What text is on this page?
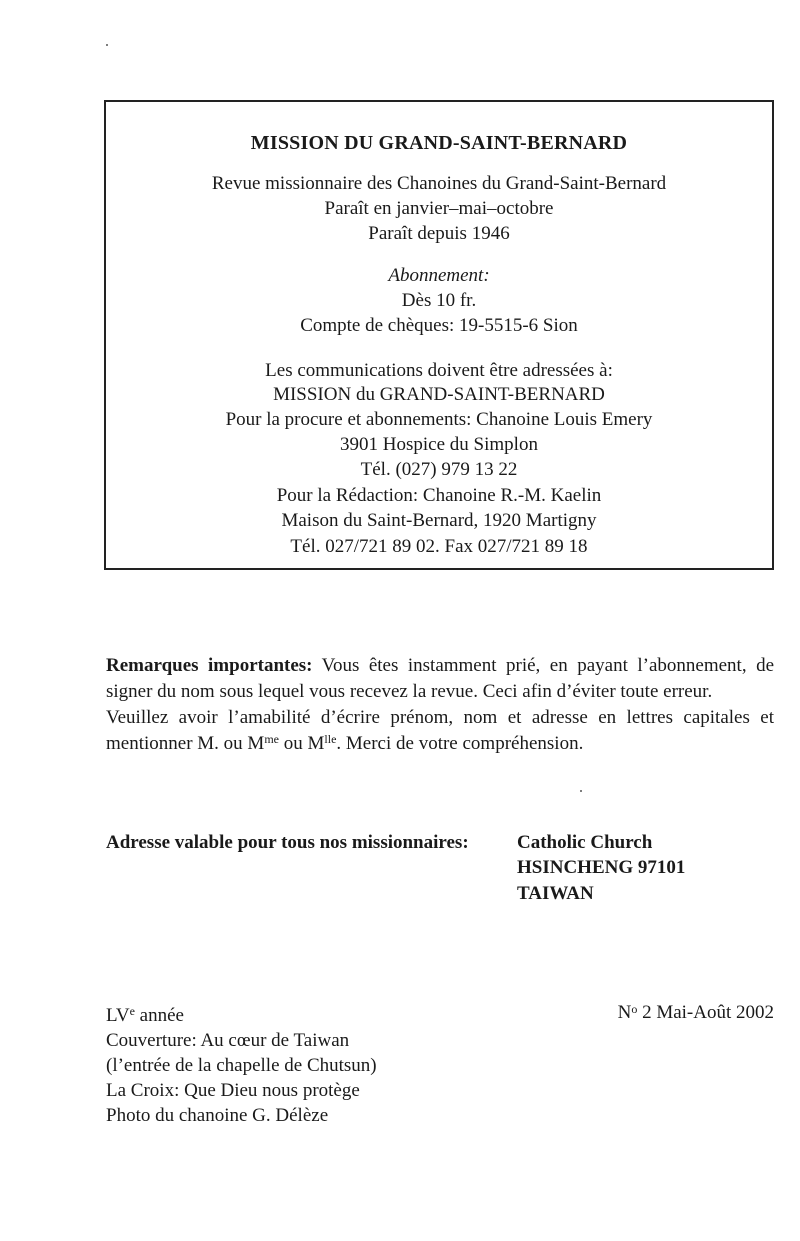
MISSION DU GRAND-SAINT-BERNARD
Revue missionnaire des Chanoines du Grand-Saint-Bernard
Paraît en janvier–mai–octobre
Paraît depuis 1946
Abonnement:
Dès 10 fr.
Compte de chèques: 19-5515-6 Sion
Les communications doivent être adressées à:
MISSION du GRAND-SAINT-BERNARD
Pour la procure et abonnements: Chanoine Louis Emery
3901 Hospice du Simplon
Tél. (027) 979 13 22
Pour la Rédaction: Chanoine R.-M. Kaelin
Maison du Saint-Bernard, 1920 Martigny
Tél. 027/721 89 02. Fax 027/721 89 18

Remarques importantes: Vous êtes instamment prié, en payant l’abonnement, de signer du nom sous lequel vous recevez la revue. Ceci afin d’éviter toute erreur.

Veuillez avoir l’amabilité d’écrire prénom, nom et adresse en lettres capitales et mentionner M. ou $M^{me}$ ou $M^{lle}$. Merci de votre compréhension.

Adresse valable pour tous nos missionnaires:	Catholic Church
HSINCHENG 97101
TAIWAN
LVe année
Couverture: Au cœur de Taiwan
(l’entrée de la chapelle de Chutsun)
La Croix: Que Dieu nous protège
Photo du chanoine G. Délèze
$N^o$ 2 Mai-Août 2002
